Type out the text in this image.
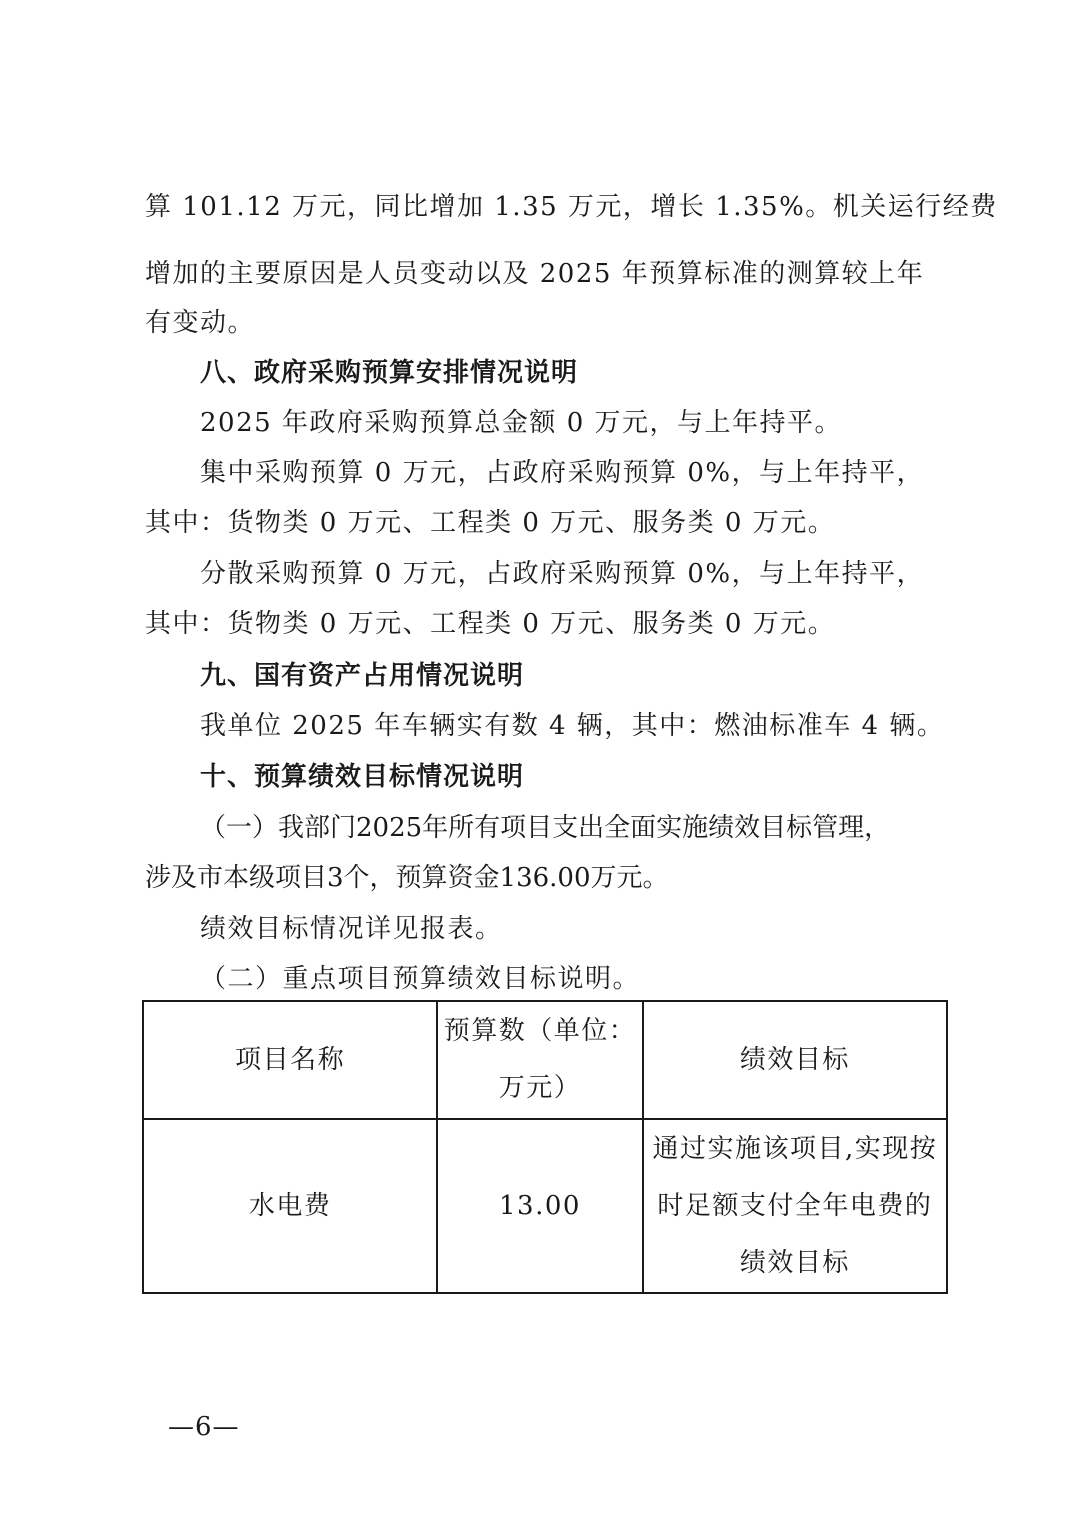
算 101.12 万元，同比增加 1.35 万元，增长 1.35%。机关运行经费
增加的主要原因是人员变动以及 2025 年预算标准的测算较上年
有变动。
八、政府采购预算安排情况说明
2025 年政府采购预算总金额 0 万元，与上年持平。
集中采购预算 0 万元，占政府采购预算 0%，与上年持平，
其中：货物类 0 万元、工程类 0 万元、服务类 0 万元。
分散采购预算 0 万元，占政府采购预算 0%，与上年持平，
其中：货物类 0 万元、工程类 0 万元、服务类 0 万元。
九、国有资产占用情况说明
我单位 2025 年车辆实有数 4 辆，其中：燃油标准车 4 辆。
十、预算绩效目标情况说明
（一）我部门2025年所有项目支出全面实施绩效目标管理，
涉及市本级项目3个，预算资金136.00万元。
绩效目标情况详见报表。
（二）重点项目预算绩效目标说明。
项目名称	预算数（单位：万元）	绩效目标
水电费	13.00	通过实施该项目,实现按时足额支付全年电费的绩效目标
—6—
